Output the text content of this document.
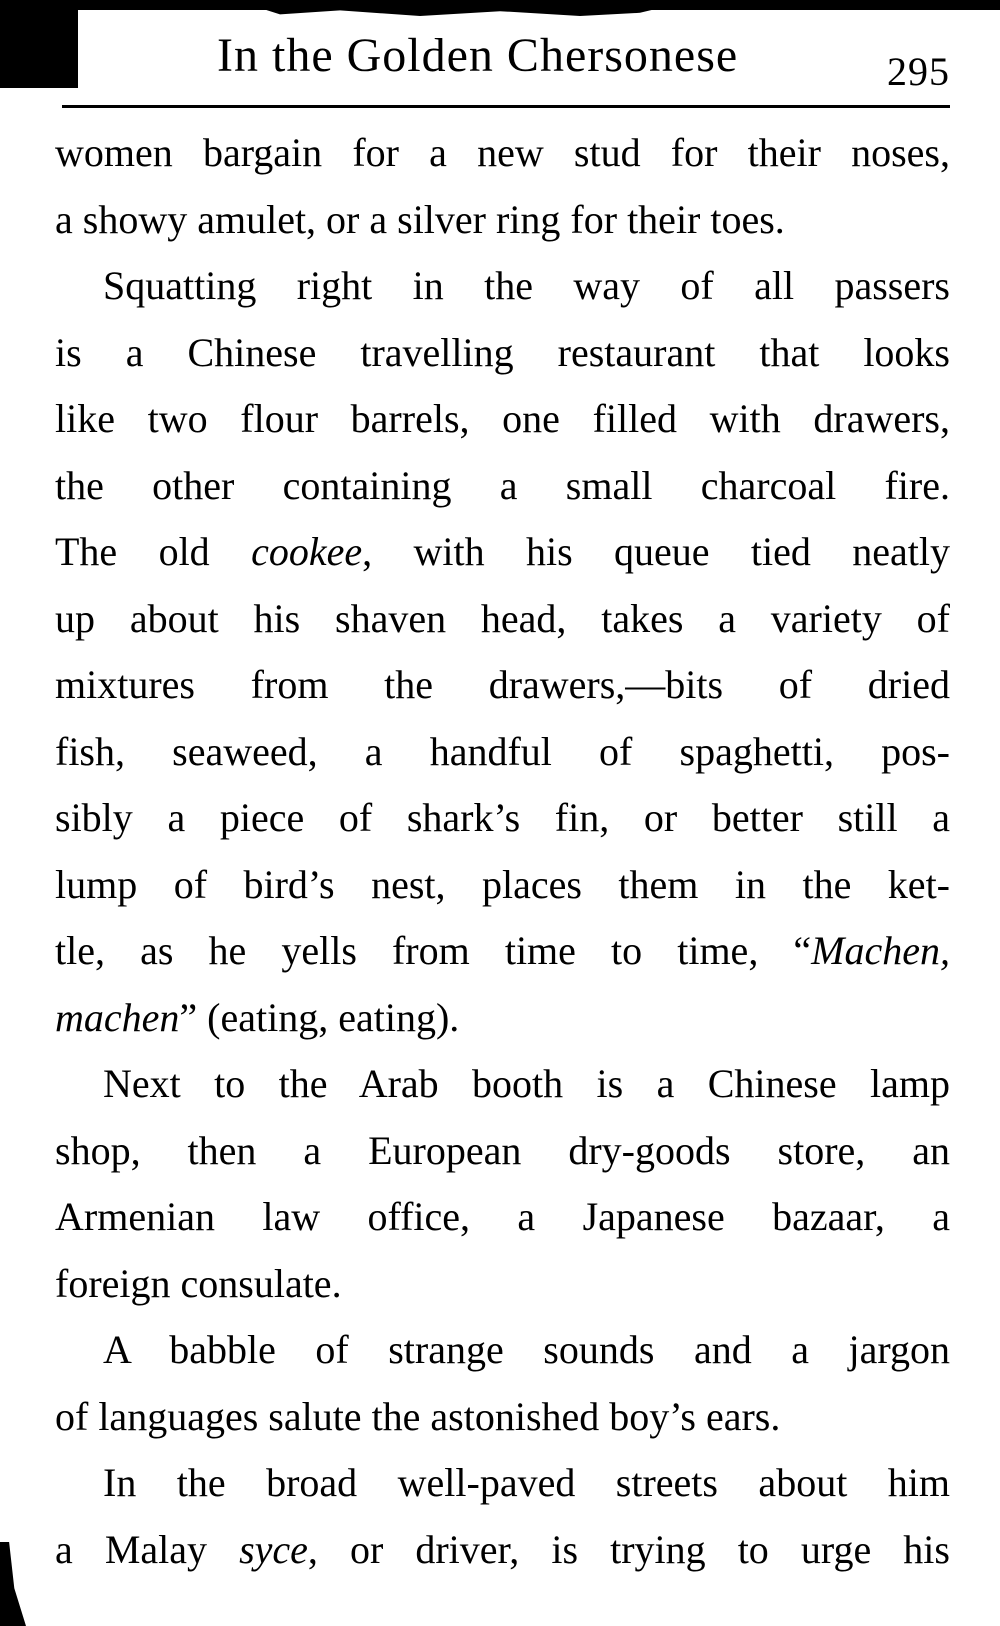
In the Golden Chersonese	295
women bargain for a new stud for their noses,
a showy amulet, or a silver ring for their toes.
Squatting right in the way of all passers
is a Chinese travelling restaurant that looks
like two flour barrels, one filled with drawers,
the other containing a small charcoal fire.
The old cookee, with his queue tied neatly
up about his shaven head, takes a variety of
mixtures from the drawers,—bits of dried
fish, seaweed, a handful of spaghetti, pos-
sibly a piece of shark’s fin, or better still a
lump of bird’s nest, places them in the ket-
tle, as he yells from time to time, “Machen,
machen” (eating, eating).
Next to the Arab booth is a Chinese lamp
shop, then a European dry-goods store, an
Armenian law office, a Japanese bazaar, a
foreign consulate.
A babble of strange sounds and a jargon
of languages salute the astonished boy’s ears.
In the broad well-paved streets about him
a Malay syce, or driver, is trying to urge his
